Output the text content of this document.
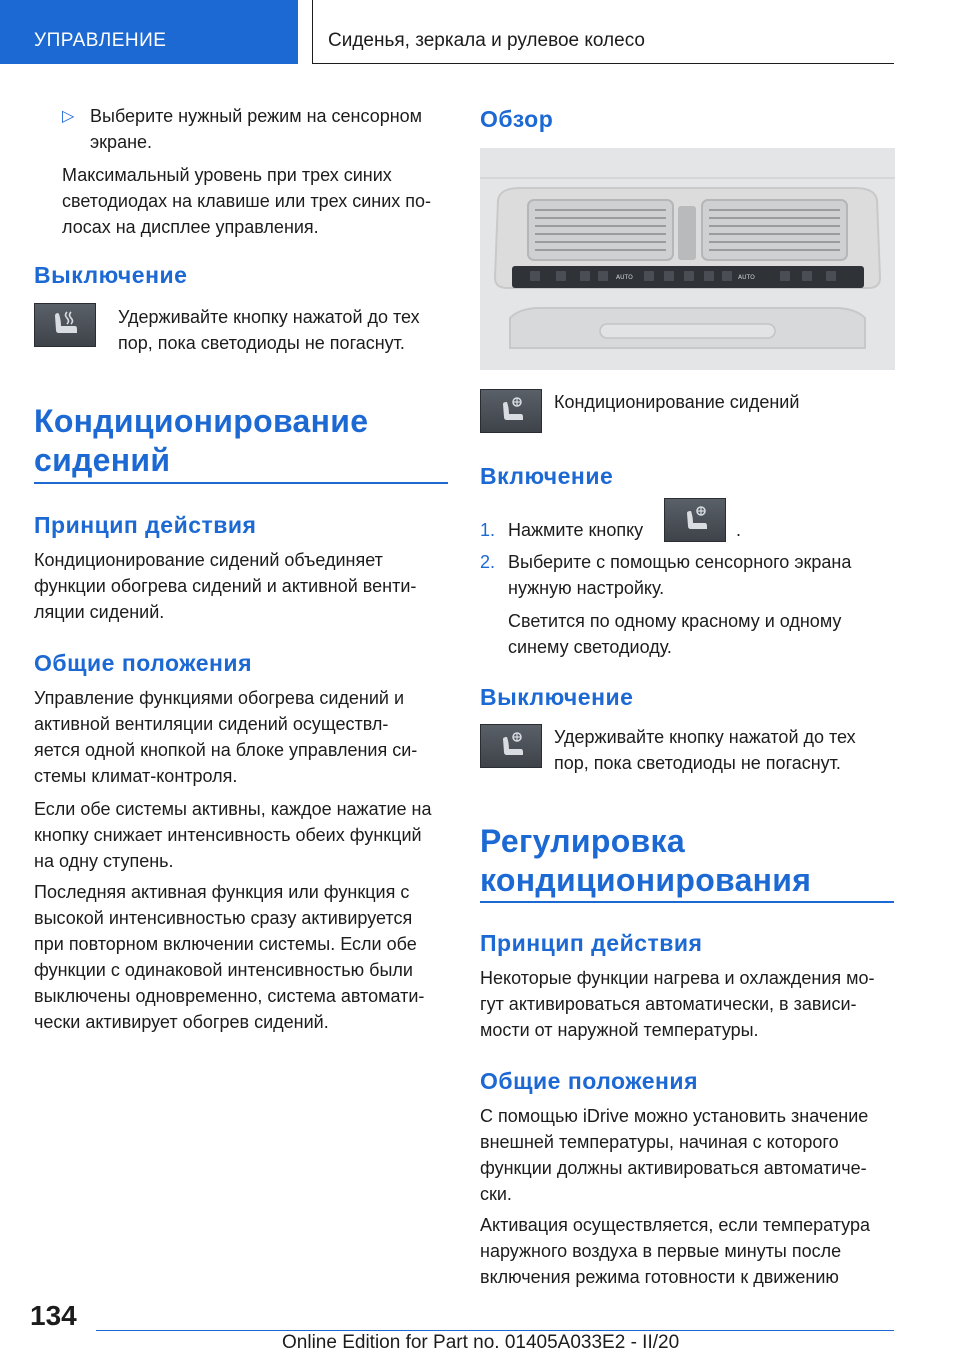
УПРАВЛЕНИЕ	Сиденья, зеркала и рулевое колесо
▷ Выберите нужный режим на сенсорном

экране.

Максимальный уровень при трех синих

светодиодах на клавише или трех синих по-

лосах на дисплее управления.

Выключение

Удерживайте кнопку нажатой до тех

пор, пока светодиоды не погаснут.

Кондиционирование
сидений
Принцип действия

Кондиционирование сидений объединяет

функции обогрева сидений и активной венти-

ляции сидений.

Общие положения

Управление функциями обогрева сидений и

активной вентиляции сидений осуществл-

яется одной кнопкой на блоке управления си-

стемы климат-контроля.

Если обе системы активны, каждое нажатие на

кнопку снижает интенсивность обеих функций

на одну ступень.

Последняя активная функция или функция с

высокой интенсивностью сразу активируется

при повторном включении системы. Если обе

функции с одинаковой интенсивностью были

выключены одновременно, система автомати-

чески активирует обогрев сидений.

Обзор
AUTO	AUTO

Кондиционирование сидений

Включение
1. Нажмите кнопку	.

2. Выберите с помощью сенсорного экрана

нужную настройку.

Светится по одному красному и одному

синему светодиоду.

Выключение

Удерживайте кнопку нажатой до тех

пор, пока светодиоды не погаснут.

Регулировка
кондиционирования
Принцип действия

Некоторые функции нагрева и охлаждения мо-

гут активироваться автоматически, в зависи-

мости от наружной температуры.

Общие положения

С помощью iDrive можно установить значение

внешней температуры, начиная с которого

функции должны активироваться автоматиче-

ски.

Активация осуществляется, если температура

наружного воздуха в первые минуты после

включения режима готовности к движению

134
Online Edition for Part no. 01405A033E2 - II/20
